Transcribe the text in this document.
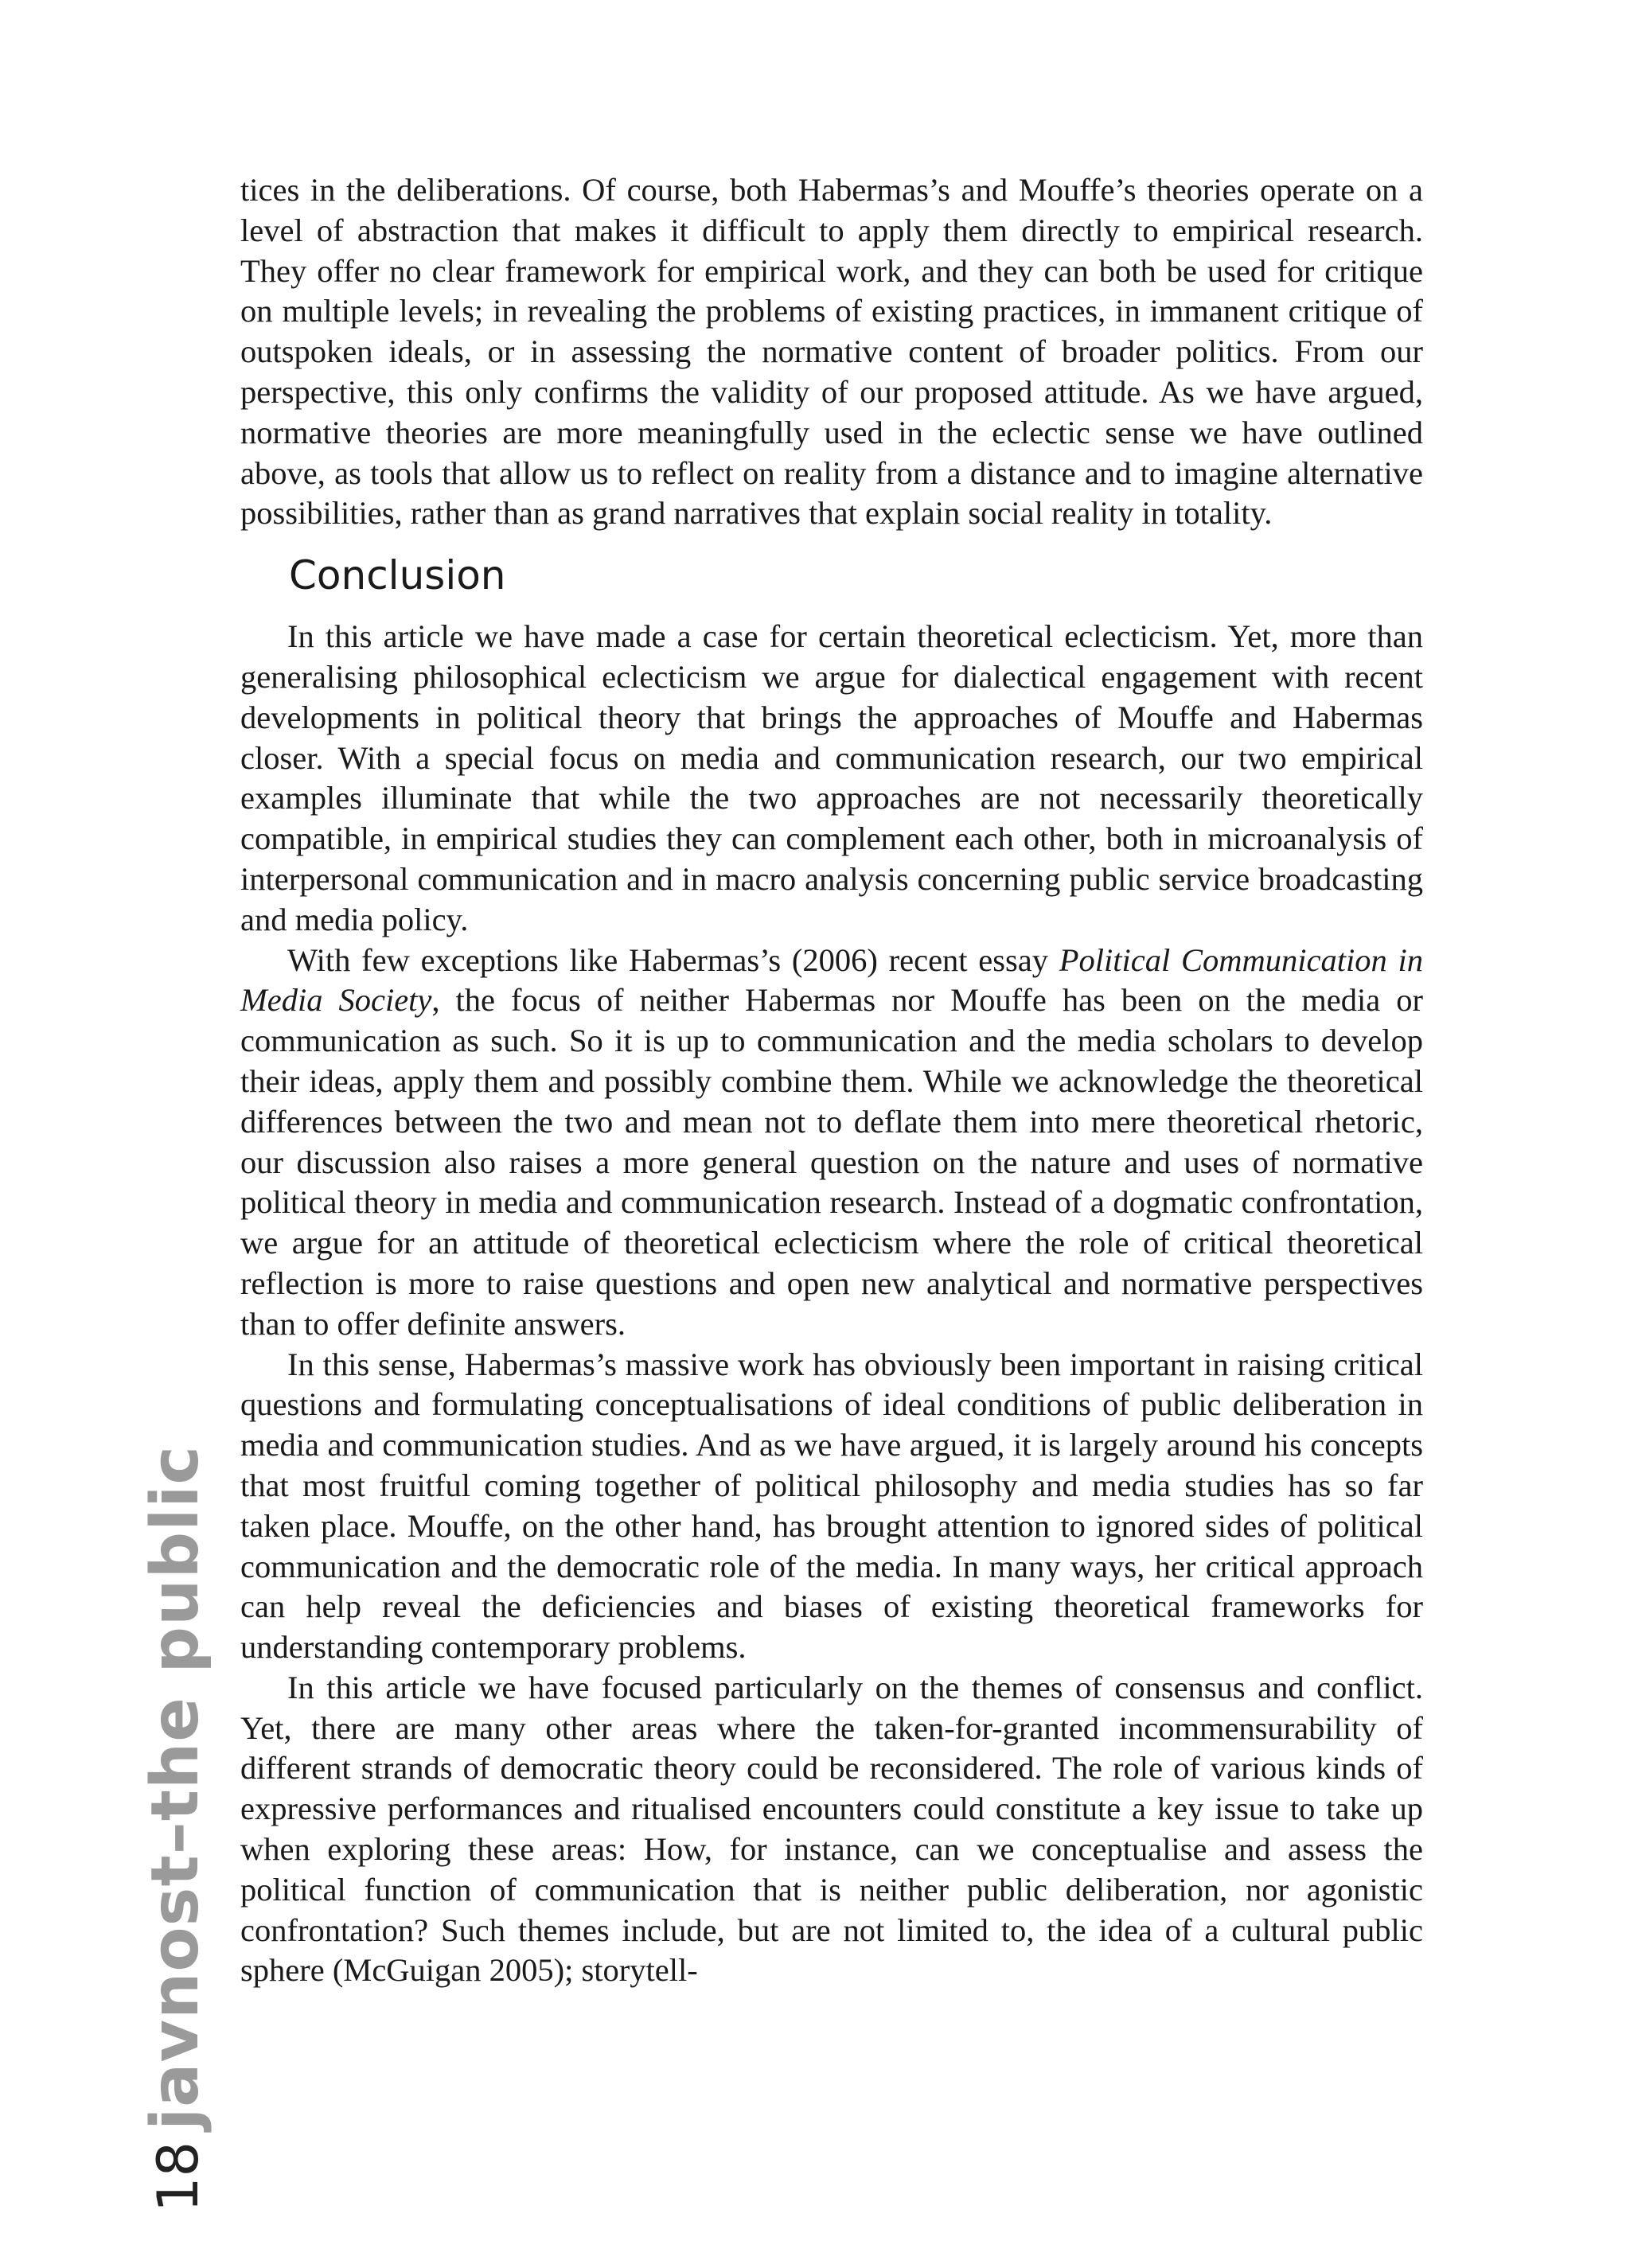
18
javnost–the public

tices in the deliberations. Of course, both Habermas’s and Mouffe’s theories operate on a level of abstraction that makes it difficult to apply them directly to empirical research. They offer no clear framework for empirical work, and they can both be used for critique on multiple levels; in revealing the problems of existing practices, in immanent critique of outspoken ideals, or in assessing the normative content of broader politics. From our perspective, this only confirms the validity of our proposed attitude. As we have argued, normative theories are more meaningfully used in the eclectic sense we have outlined above, as tools that allow us to reflect on reality from a distance and to imagine alternative possibilities, rather than as grand narratives that explain social reality in totality.

Conclusion

In this article we have made a case for certain theoretical eclecticism. Yet, more than generalising philosophical eclecticism we argue for dialectical engagement with recent developments in political theory that brings the approaches of Mouffe and Habermas closer. With a special focus on media and communication research, our two empirical examples illuminate that while the two approaches are not necessarily theoretically compatible, in empirical studies they can complement each other, both in microanalysis of interpersonal communication and in macro analysis concerning public service broadcasting and media policy.

With few exceptions like Habermas’s (2006) recent essay Political Communication in Media Society, the focus of neither Habermas nor Mouffe has been on the media or communication as such. So it is up to communication and the media scholars to develop their ideas, apply them and possibly combine them. While we acknowledge the theoretical differences between the two and mean not to deflate them into mere theoretical rhetoric, our discussion also raises a more general question on the nature and uses of normative political theory in media and communication research. Instead of a dogmatic confrontation, we argue for an attitude of theoretical eclecticism where the role of critical theoretical reflection is more to raise questions and open new analytical and normative perspectives than to offer definite answers.

In this sense, Habermas’s massive work has obviously been important in raising critical questions and formulating conceptualisations of ideal conditions of public deliberation in media and communication studies. And as we have argued, it is largely around his concepts that most fruitful coming together of political philosophy and media studies has so far taken place. Mouffe, on the other hand, has brought attention to ignored sides of political communication and the democratic role of the media. In many ways, her critical approach can help reveal the deficiencies and biases of existing theoretical frameworks for understanding contemporary problems.

In this article we have focused particularly on the themes of consensus and conflict. Yet, there are many other areas where the taken-for-granted incommensurability of different strands of democratic theory could be reconsidered. The role of various kinds of expressive performances and ritualised encounters could constitute a key issue to take up when exploring these areas: How, for instance, can we conceptualise and assess the political function of communication that is neither public deliberation, nor agonistic confrontation? Such themes include, but are not limited to, the idea of a cultural public sphere (McGuigan 2005); storytell-
